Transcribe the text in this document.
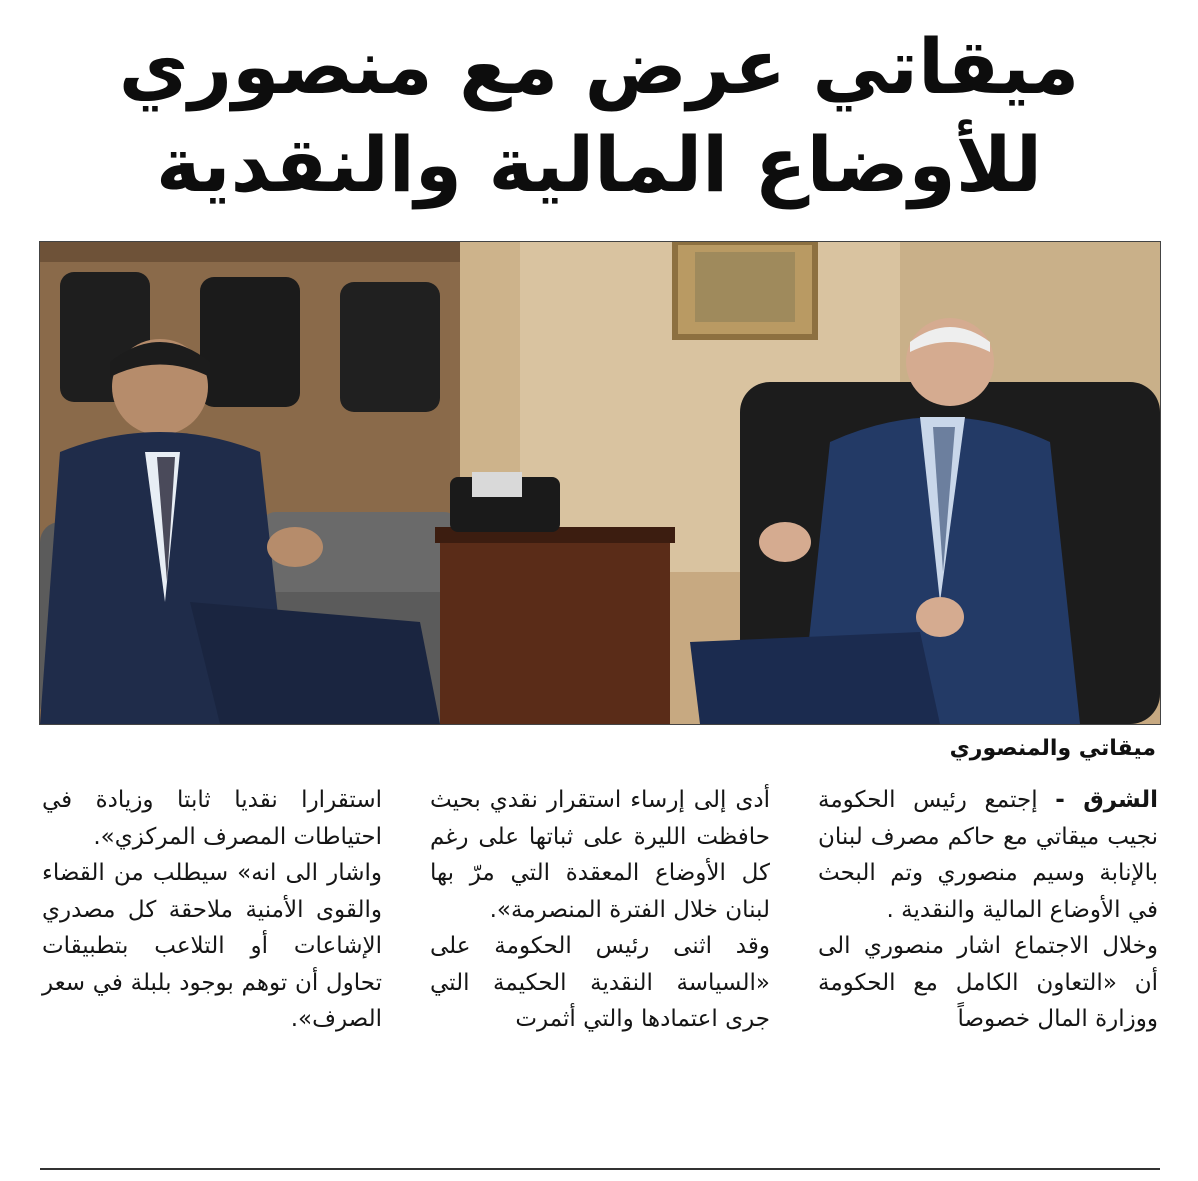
ميقاتي عرض مع منصوري
للأوضاع المالية والنقدية
ميقاتي والمنصوري

الشرق - إجتمع رئيس الحكومة نجيب ميقاتي مع حاكم مصرف لبنان بالإنابة وسيم منصوري وتم البحث في الأوضاع المالية والنقدية .

وخلال الاجتماع اشار منصوري الى أن «التعاون الكامل مع الحكومة ووزارة المال خصوصاً

أدى إلى إرساء استقرار نقدي بحيث حافظت الليرة على ثباتها على رغم كل الأوضاع المعقدة التي مرّ بها لبنان خلال الفترة المنصرمة».

وقد اثنى رئيس الحكومة على «السياسة النقدية الحكيمة التي جرى اعتمادها والتي أثمرت

استقرارا نقديا ثابتا وزيادة في احتياطات المصرف المركزي».

واشار الى انه» سيطلب من القضاء والقوى الأمنية ملاحقة كل مصدري الإشاعات أو التلاعب بتطبيقات تحاول أن توهم بوجود بلبلة في سعر الصرف».
